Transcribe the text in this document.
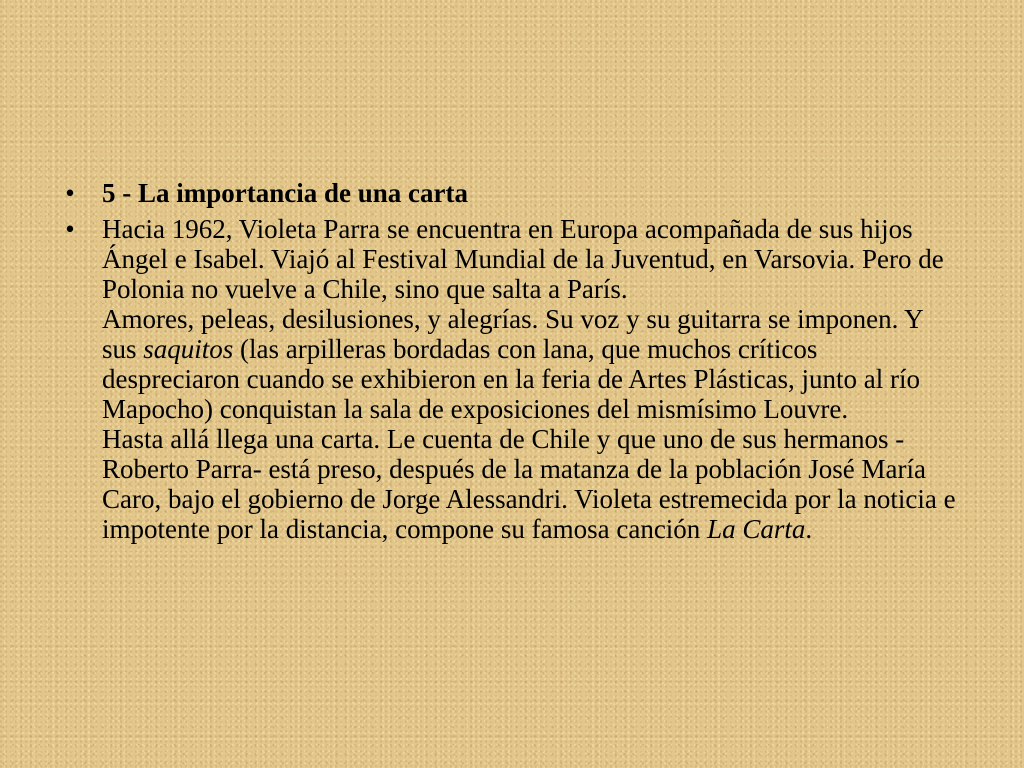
• 5 - La importancia de una carta
• Hacia 1962, Violeta Parra se encuentra en Europa acompañada de sus hijos Ángel e Isabel. Viajó al Festival Mundial de la Juventud, en Varsovia. Pero de Polonia no vuelve a Chile, sino que salta a París.
Amores, peleas, desilusiones, y alegrías. Su voz y su guitarra se imponen. Y sus saquitos (las arpilleras bordadas con lana, que muchos críticos despreciaron cuando se exhibieron en la feria de Artes Plásticas, junto al río Mapocho) conquistan la sala de exposiciones del mismísimo Louvre.
Hasta allá llega una carta. Le cuenta de Chile y que uno de sus hermanos -Roberto Parra- está preso, después de la matanza de la población José María Caro, bajo el gobierno de Jorge Alessandri. Violeta estremecida por la noticia e impotente por la distancia, compone su famosa canción La Carta.
